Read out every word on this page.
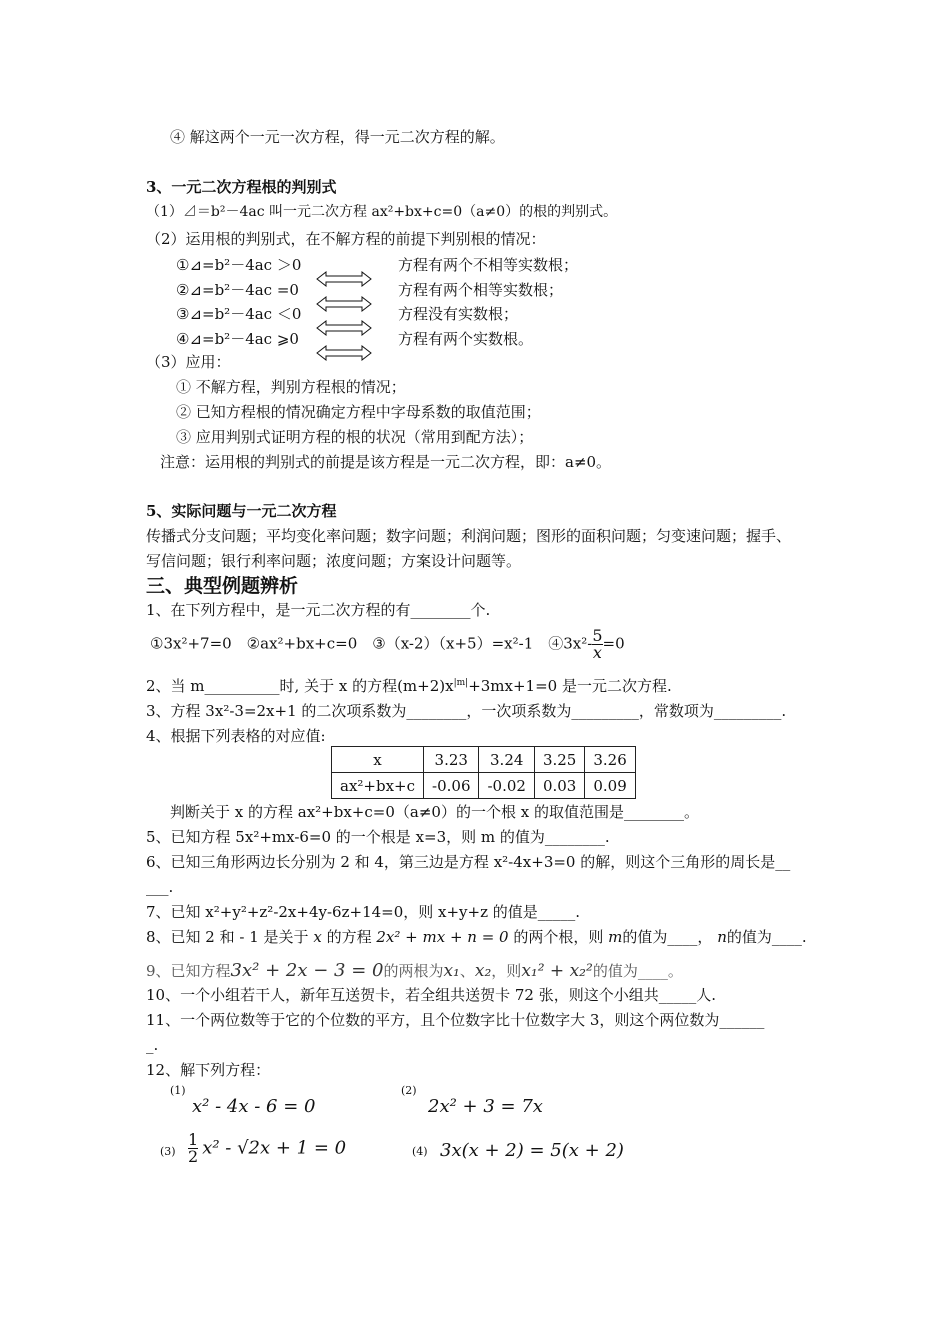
④ 解这两个一元一次方程，得一元二次方程的解。
3、一元二次方程根的判别式
（1）⊿＝b²－4ac 叫一元二次方程 ax²+bx+c=0（a≠0）的根的判别式。
（2）运用根的判别式，在不解方程的前提下判别根的情况：
①⊿=b²－4ac ＞0	方程有两个不相等实数根；
②⊿=b²－4ac =0	方程有两个相等实数根；
③⊿=b²－4ac ＜0	方程没有实数根；
④⊿=b²－4ac ⩾0	方程有两个实数根。
（3）应用：
① 不解方程，判别方程根的情况；
② 已知方程根的情况确定方程中字母系数的取值范围；
③ 应用判别式证明方程的根的状况（常用到配方法）；
注意：运用根的判别式的前提是该方程是一元二次方程，即：a≠0。
5、实际问题与一元二次方程
传播式分支问题；平均变化率问题；数字问题；利润问题；图形的面积问题；匀变速问题；握手、
写信问题；银行利率问题；浓度问题；方案设计问题等。
三、典型例题辨析
1、在下列方程中，是一元二次方程的有________个.
①3x²+7=0　②ax²+bx+c=0　③（x-2）（x+5）=x²-1　④3x²- $\frac{5}{x} =0$
2、当 m__________时, 关于 x 的方程$(m+2)x^{|m|}+3mx+1=0$ 是一元二次方程.
3、方程 3x²-3=2x+1 的二次项系数为________，一次项系数为_________，常数项为_________.
4、根据下列表格的对应值:
x	3.23	3.24	3.25	3.26
ax²+bx+c	-0.06	-0.02	0.03	0.09
判断关于 x 的方程 ax²+bx+c=0（a≠0）的一个根 x 的取值范围是________。
5、已知方程 5x²+mx-6=0 的一个根是 x=3，则 m 的值为________.
6、已知三角形两边长分别为 2 和 4，第三边是方程 x²-4x+3=0 的解，则这个三角形的周长是__
___.
7、已知 x²+y²+z²-2x+4y-6z+14=0，则 x+y+z 的值是_____.
8、已知 2 和 - 1 是关于 x 的方程 2x² + mx + n = 0 的两个根，则 m的值为____， n的值为____.
9、已知方程3x² + 2x − 3 = 0的两根为x₁、x₂，则x₁² + x₂²的值为____。
10、一个小组若干人，新年互送贺卡，若全组共送贺卡 72 张，则这个小组共_____人.
11、一个两位数等于它的个位数的平方，且个位数字比十位数字大 3，则这个两位数为______
_.
12、解下列方程：
(1)
x² - 4x - 6 = 0
(2)
2x² + 3 = 7x
$(3) \frac{1}{2} x^2 - √2x + 1 = 0$	(4) 3x(x + 2) = 5(x + 2)
